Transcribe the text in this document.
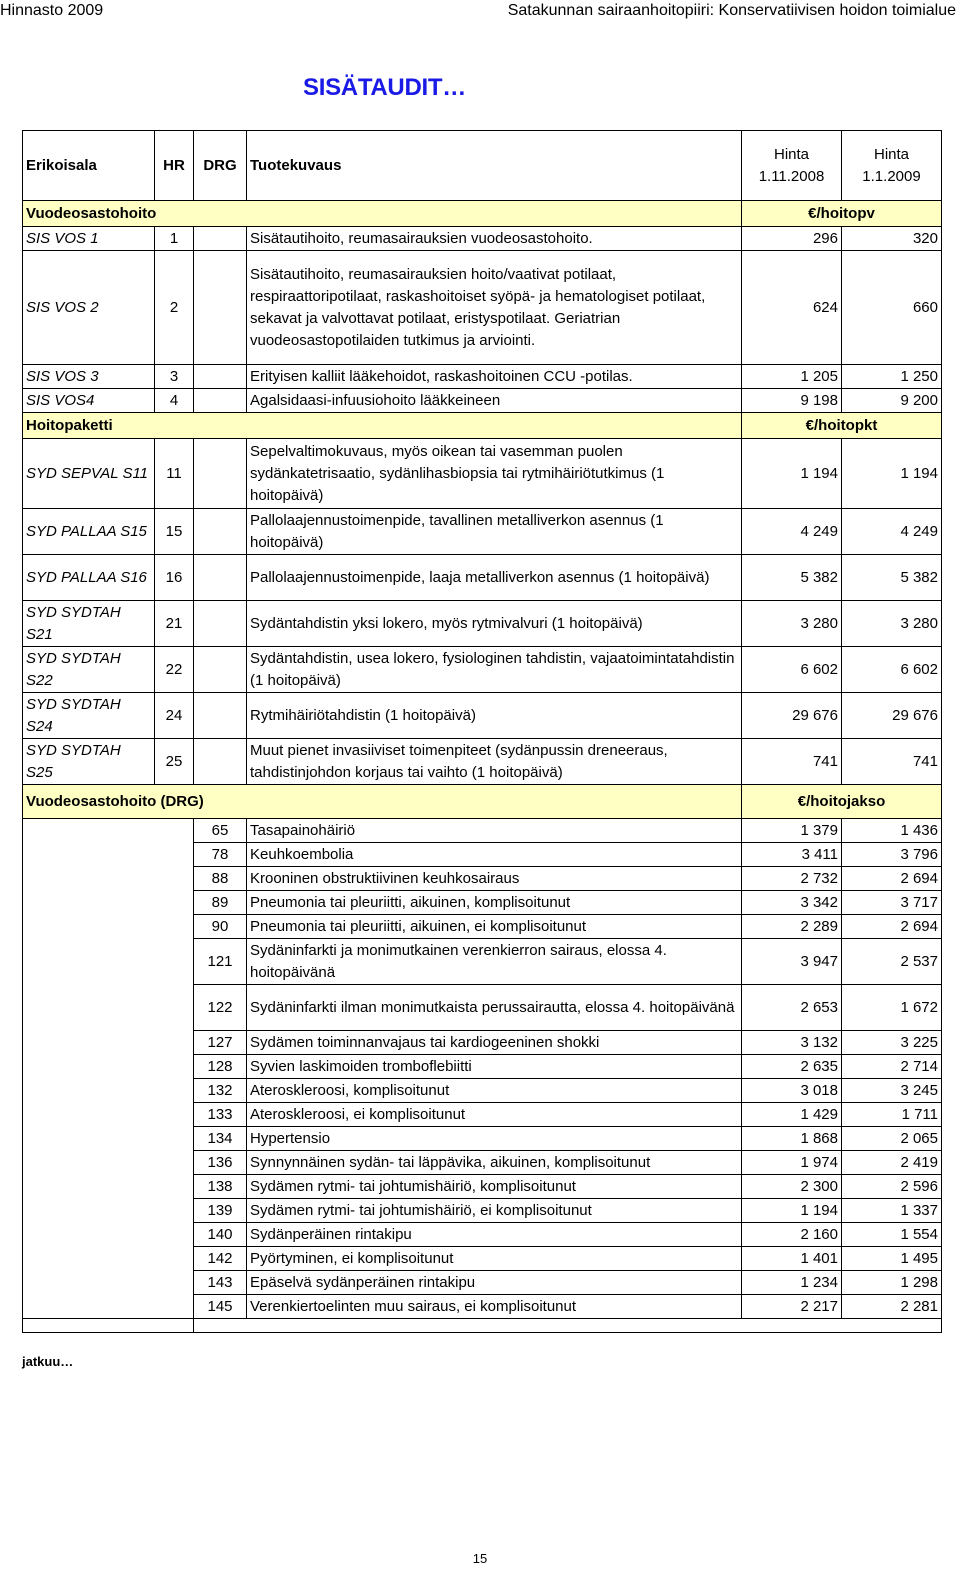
Hinnasto 2009	Satakunnan sairaanhoitopiiri: Konservatiivisen hoidon toimialue
SISÄTAUDIT…
Erikoisala	HR	DRG	Tuotekuvaus	Hinta 1.11.2008	Hinta 1.1.2009
Vuodeosastohoito				€/hoitopv	
SIS VOS 1	1		Sisätautihoito, reumasairauksien vuodeosastohoito.	296	320
SIS VOS 2	2		Sisätautihoito, reumasairauksien hoito/vaativat potilaat, respiraattoripotilaat, raskashoitoiset syöpä- ja hematologiset potilaat, sekavat ja valvottavat potilaat, eristyspotilaat. Geriatrian vuodeosastopotilaiden tutkimus ja arviointi.	624	660
SIS VOS 3	3		Erityisen kalliit lääkehoidot, raskashoitoinen CCU -potilas.	1 205	1 250
SIS VOS4	4		Agalsidaasi-infuusiohoito lääkkeineen	9 198	9 200
Hoitopaketti				€/hoitopkt	
SYD SEPVAL S11	11		Sepelvaltimokuvaus, myös oikean tai vasemman puolen sydänkatetrisaatio, sydänlihasbiopsia tai rytmihäiriötutkimus (1 hoitopäivä)	1 194	1 194
SYD PALLAA S15	15		Pallolaajennustoimenpide, tavallinen metalliverkon asennus (1 hoitopäivä)	4 249	4 249
SYD PALLAA S16	16		Pallolaajennustoimenpide, laaja metalliverkon asennus (1 hoitopäivä)	5 382	5 382
SYD SYDTAH S21	21		Sydäntahdistin yksi lokero, myös rytmivalvuri (1 hoitopäivä)	3 280	3 280
SYD SYDTAH S22	22		Sydäntahdistin, usea lokero, fysiologinen tahdistin, vajaatoimintatahdistin (1 hoitopäivä)	6 602	6 602
SYD SYDTAH S24	24		Rytmihäiriötahdistin (1 hoitopäivä)	29 676	29 676
SYD SYDTAH S25	25		Muut pienet invasiiviset toimenpiteet (sydänpussin dreneeraus, tahdistinjohdon korjaus tai vaihto (1 hoitopäivä)	741	741
Vuodeosastohoito (DRG)				€/hoitojakso	
		65	Tasapainohäiriö	1 379	1 436
		78	Keuhkoembolia	3 411	3 796
		88	Krooninen obstruktiivinen keuhkosairaus	2 732	2 694
		89	Pneumonia tai pleuriitti, aikuinen, komplisoitunut	3 342	3 717
		90	Pneumonia tai pleuriitti, aikuinen, ei komplisoitunut	2 289	2 694
		121	Sydäninfarkti ja monimutkainen verenkierron sairaus, elossa 4. hoitopäivänä	3 947	2 537
		122	Sydäninfarkti ilman monimutkaista perussairautta, elossa 4. hoitopäivänä	2 653	1 672
		127	Sydämen toiminnanvajaus tai kardiogeeninen shokki	3 132	3 225
		128	Syvien laskimoiden tromboflebiitti	2 635	2 714
		132	Ateroskleroosi, komplisoitunut	3 018	3 245
		133	Ateroskleroosi, ei komplisoitunut	1 429	1 711
		134	Hypertensio	1 868	2 065
		136	Synnynnäinen sydän- tai läppävika, aikuinen, komplisoitunut	1 974	2 419
		138	Sydämen rytmi- tai johtumishäiriö, komplisoitunut	2 300	2 596
		139	Sydämen rytmi- tai johtumishäiriö, ei komplisoitunut	1 194	1 337
		140	Sydänperäinen rintakipu	2 160	1 554
		142	Pyörtyminen, ei komplisoitunut	1 401	1 495
		143	Epäselvä sydänperäinen rintakipu	1 234	1 298
		145	Verenkiertoelinten muu sairaus, ei komplisoitunut	2 217	2 281

jatkuu…
15
